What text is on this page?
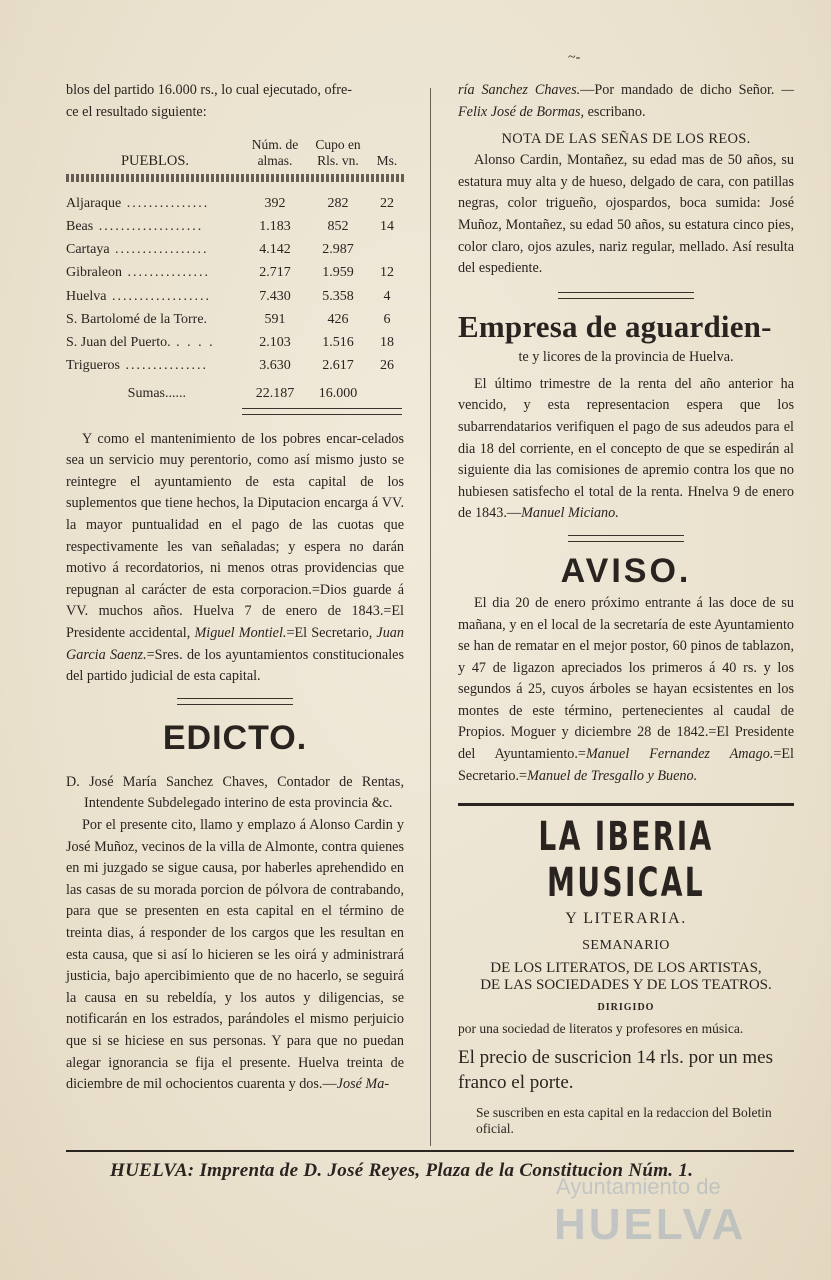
~-

blos del partido 16.000 rs., lo cual ejecutado, ofre-

ce el resultado siguiente:

Núm. de	Cupo en
PUEBLOS.	almas.	Rls. vn.	Ms.
Aljaraque ...............	392	282	22
Beas ...................	1.183	852	14
Cartaya .................	4.142	2.987	
Gibraleon ...............	2.717	1.959	12
Huelva ..................	7.430	5.358	4
S. Bartolomé de la Torre.	591	426	6
S. Juan del Puerto. . . . .	2.103	1.516	18
Trigueros ...............	3.630	2.617	26
Sumas......	22.187	16.000

Y como el mantenimiento de los pobres encar-celados sea un servicio muy perentorio, como así mismo justo se reintegre el ayuntamiento de esta capital de los suplementos que tiene hechos, la Diputacion encarga á VV. la mayor puntualidad en el pago de las cuotas que respectivamente les van señaladas; y espera no darán motivo á recordatorios, ni menos otras providencias que repugnan al carácter de esta corporacion.=Dios guarde á VV. muchos años. Huelva 7 de enero de 1843.=El Presidente accidental, Miguel Montiel.=El Secretario, Juan Garcia Saenz.=Sres. de los ayuntamientos constitucionales del partido judicial de esta capital.

EDICTO.

D. José María Sanchez Chaves, Contador de Rentas, Intendente Subdelegado interino de esta provincia &c.

Por el presente cito, llamo y emplazo á Alonso Cardin y José Muñoz, vecinos de la villa de Almonte, contra quienes en mi juzgado se sigue causa, por haberles aprehendido en las casas de su morada porcion de pólvora de contrabando, para que se presenten en esta capital en el término de treinta dias, á responder de los cargos que les resultan en esta causa, que si así lo hicieren se les oirá y administrará justicia, bajo apercibimiento que de no hacerlo, se seguirá la causa en su rebeldía, y los autos y diligencias, se notificarán en los estrados, parándoles el mismo perjuicio que si se hiciese en sus personas. Y para que no puedan alegar ignorancia se fija el presente. Huelva treinta de diciembre de mil ochocientos cuarenta y dos.—José Ma-

ría Sanchez Chaves.—Por mandado de dicho Señor. —Felix José de Bormas, escribano.

NOTA DE LAS SEÑAS DE LOS REOS.

Alonso Cardin, Montañez, su edad mas de 50 años, su estatura muy alta y de hueso, delgado de cara, con patillas negras, color trigueño, ojospardos, boca sumida: José Muñoz, Montañez, su edad 50 años, su estatura cinco pies, color claro, ojos azules, nariz regular, mellado. Así resulta del espediente.

Empresa de aguardien-
te y licores de la provincia de Huelva.

El último trimestre de la renta del año anterior ha vencido, y esta representacion espera que los subarrendatarios verifiquen el pago de sus adeudos para el dia 18 del corriente, en el concepto de que se espedirán al siguiente dia las comisiones de apremio contra los que no hubiesen satisfecho el total de la renta. Hnelva 9 de enero de 1843.—Manuel Miciano.

AVISO.

El dia 20 de enero próximo entrante á las doce de su mañana, y en el local de la secretaría de este Ayuntamiento se han de rematar en el mejor postor, 60 pinos de tablazon, y 47 de ligazon apreciados los primeros á 40 rs. y los segundos á 25, cuyos árboles se hayan ecsistentes en los montes de este término, pertenecientes al caudal de Propios. Moguer y diciembre 28 de 1842.=El Presidente del Ayuntamiento.=Manuel Fernandez Amago.=El Secretario.=Manuel de Tresgallo y Bueno.

LA IBERIA MUSICAL
Y LITERARIA.
SEMANARIO
DE LOS LITERATOS, DE LOS ARTISTAS,
DE LAS SOCIEDADES Y DE LOS TEATROS.
DIRIGIDO
por una sociedad de literatos y profesores en música.
El precio de suscricion 14 rls. por un mes franco el porte.
Se suscriben en esta capital en la redaccion del Boletin oficial.
HUELVA: Imprenta de D. José Reyes, Plaza de la Constitucion Núm. 1.
Ayuntamiento de
HUELVA
